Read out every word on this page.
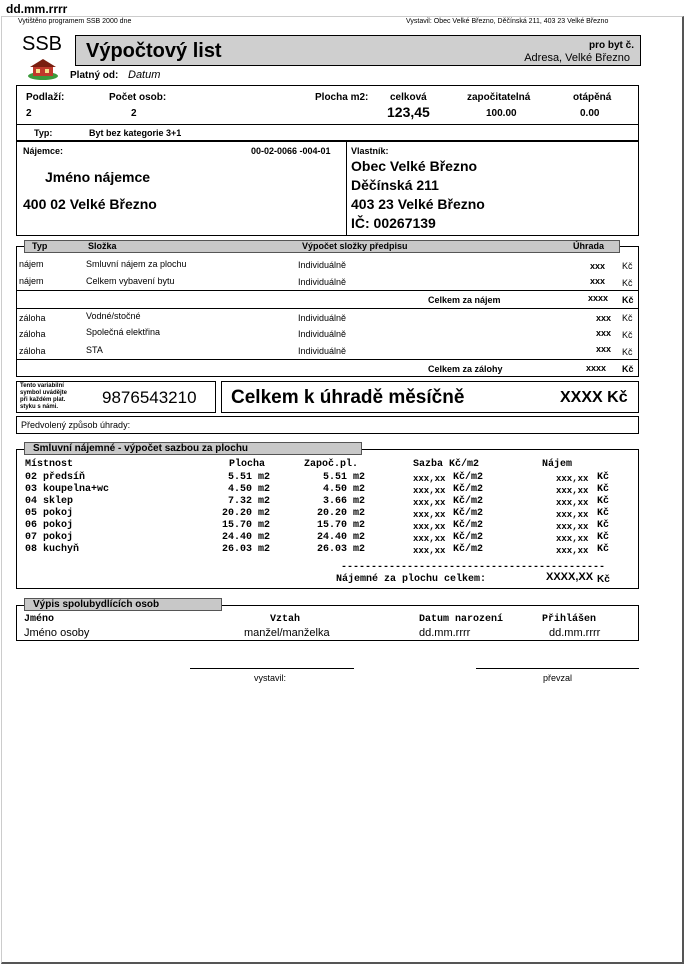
dd.mm.rrrr
Vytištěno programem SSB 2000 dne	Vystavil: Obec Velké Březno, Děčínská 211, 403 23 Velké Březno
SSB Výpočtový list	pro byt č.
Adresa, Velké Březno
Platný od: Datum
Podlaží:
2
Počet osob:
2
Plocha m2: celková
123,45
započitatelná
100.00
otápěná
0.00
Typ:	Byt bez kategorie 3+1
Nájemce:	00-02-0066 -004-01
Jméno nájemce
400 02 Velké Březno
Vlastník:
Obec Velké Březno
Děčínská 211
403 23 Velké Březno
IČ: 00267139
Typ	Složka	Výpočet složky předpisu	Úhrada
nájem	Smluvní nájem za plochu	Individuálně	xxx Kč
nájem	Celkem vybavení bytu	Individuálně	xxx Kč
Celkem za nájem	xxxx Kč
záloha	Vodné/stočné	Individuálně	xxx Kč
záloha	Společná elektřina	Individuálně	xxx Kč
záloha	STA	Individuálně	xxx Kč
Celkem za zálohy	xxxx Kč
Tento variabilní
symbol uvádějte
při každém plat.
styku s námi.	9876543210 Celkem k úhradě měsíčně	XXXX Kč
Předvolený způsob úhrady:
Smluvní nájemné - výpočet sazbou za plochu
Místnost	Plocha	Započ.pl.	Sazba Kč/m2	Nájem
02 předsíň	5.51 m2	5.51 m2	xxx,xx Kč/m2	xxx,xx Kč
03 koupelna+wc	4.50 m2	4.50 m2	xxx,xx Kč/m2	xxx,xx Kč
04 sklep	7.32 m2	3.66 m2	xxx,xx Kč/m2	xxx,xx Kč
05 pokoj	20.20 m2	20.20 m2	xxx,xx Kč/m2	xxx,xx Kč
06 pokoj	15.70 m2	15.70 m2	xxx,xx Kč/m2	xxx,xx Kč
07 pokoj	24.40 m2	24.40 m2	xxx,xx Kč/m2	xxx,xx Kč
08 kuchyň	26.03 m2	26.03 m2	xxx,xx Kč/m2	xxx,xx Kč
--------------------------------------------
Nájemné za plochu celkem:	XXXX,XX Kč
Výpis spolubydlících osob
Jméno	Vztah	Datum narození	Přihlášen
Jméno osoby	manžel/manželka	dd.mm.rrrr	dd.mm.rrrr
vystavil:	převzal
